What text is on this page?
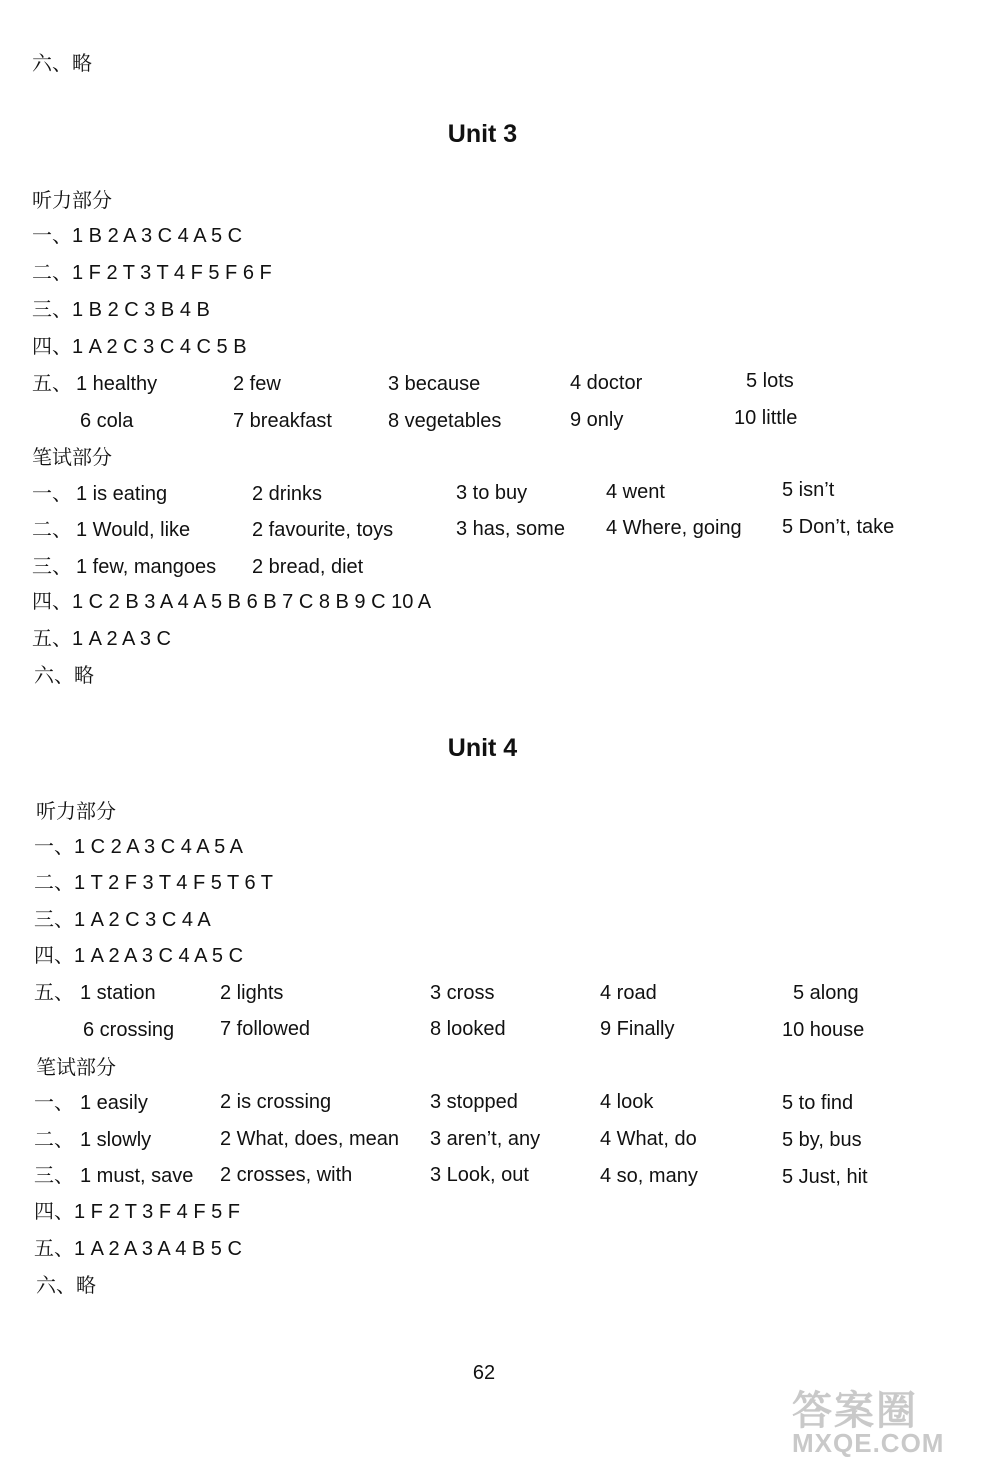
六、略
Unit 3
听力部分
一、1 B 2 A 3 C 4 A 5 C
二、1 F 2 T 3 T 4 F 5 F 6 F
三、1 B 2 C 3 B 4 B
四、1 A 2 C 3 C 4 C 5 B
五、 1 healthy	2 few	3 because	4 doctor	5 lots
6 cola	7 breakfast	8 vegetables	9 only	10 little
笔试部分
一、 1 is eating	2 drinks	3 to buy	4 went	5 isn’t
二、 1 Would, like	2 favourite, toys	3 has, some 4 Where, going 5 Don’t, take
三、 1 few, mangoes 2 bread, diet
四、1 C 2 B 3 A 4 A 5 B 6 B 7 C 8 B 9 C 10 A
五、1 A 2 A 3 C
六、略
Unit 4
听力部分
一、1 C 2 A 3 C 4 A 5 A
二、1 T 2 F 3 T 4 F 5 T 6 T
三、1 A 2 C 3 C 4 A
四、1 A 2 A 3 C 4 A 5 C
五、 1 station	2 lights	3 cross	4 road	5 along
6 crossing 7 followed	8 looked	9 Finally	10 house
笔试部分
一、 1 easily	2 is crossing	3 stopped	4 look	5 to find
二、 1 slowly	2 What, does, mean 3 aren’t, any	4 What, do	5 by, bus
三、 1 must, save 2 crosses, with	3 Look, out	4 so, many	5 Just, hit
四、1 F 2 T 3 F 4 F 5 F
五、1 A 2 A 3 A 4 B 5 C
六、略
62
答案圈
MXQE.COM
